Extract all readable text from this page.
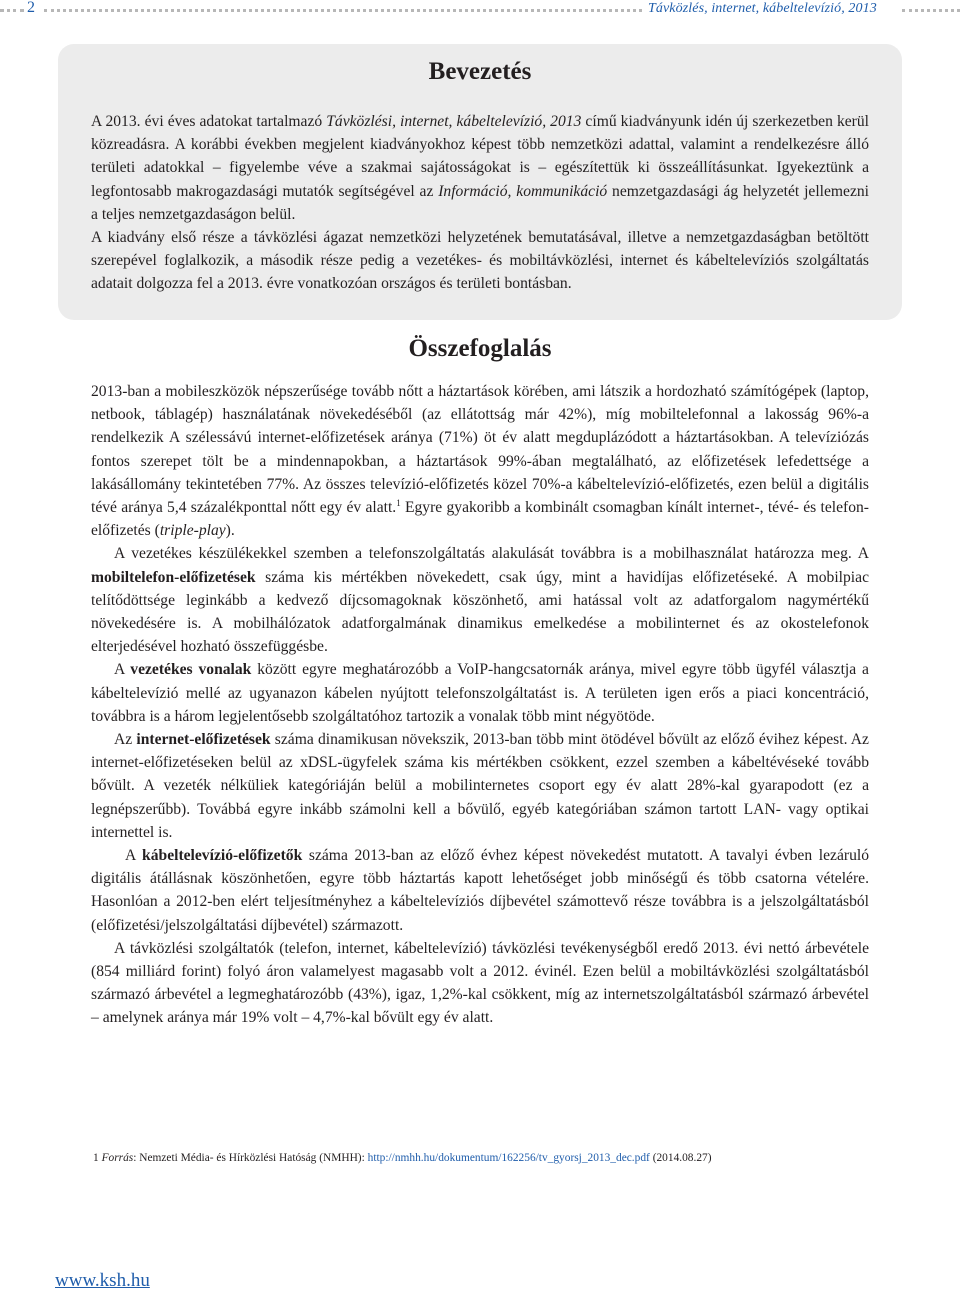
2	Távközlés, internet, kábeltelevízió, 2013
Bevezetés

A 2013. évi éves adatokat tartalmazó Távközlési, internet, kábeltelevízió, 2013 című kiadványunk idén új szerkezetben kerül közreadásra. A korábbi években megjelent kiadványokhoz képest több nemzetközi adattal, valamint a rendelkezésre álló területi adatokkal – figyelembe véve a szakmai sajátosságokat is – egészítettük ki összeállításunkat. Igyekeztünk a legfontosabb makrogazdasági mutatók segítségével az Információ, kommunikáció nemzetgazdasági ág helyzetét jellemezni a teljes nemzetgazdaságon belül.

A kiadvány első része a távközlési ágazat nemzetközi helyzetének bemutatásával, illetve a nemzetgazdaságban betöltött szerepével foglalkozik, a második része pedig a vezetékes- és mobiltávközlési, internet és kábeltelevíziós szolgáltatás adatait dolgozza fel a 2013. évre vonatkozóan országos és területi bontásban.

Összefoglalás

2013-ban a mobileszközök népszerűsége tovább nőtt a háztartások körében, ami látszik a hordozható számítógépek (laptop, netbook, táblagép) használatának növekedéséből (az ellátottság már 42%), míg mobiltelefonnal a lakosság 96%-a rendelkezik A szélessávú internet-előfizetések aránya (71%) öt év alatt megduplázódott a háztartásokban. A televíziózás fontos szerepet tölt be a mindennapokban, a háztartások 99%-ában megtalálható, az előfizetések lefedettsége a lakásállomány tekintetében 77%. Az összes televízió-előfizetés közel 70%-a kábeltelevízió-előfizetés, ezen belül a digitális tévé aránya 5,4 százalékponttal nőtt egy év alatt.$^1$ Egyre gyakoribb a kombinált csomagban kínált internet-, tévé- és telefon-előfizetés (triple-play).

A vezetékes készülékekkel szemben a telefonszolgáltatás alakulását továbbra is a mobilhasználat határozza meg. A mobiltelefon-előfizetések száma kis mértékben növekedett, csak úgy, mint a havidíjas előfizetéseké. A mobilpiac telítődöttsége leginkább a kedvező díjcsomagoknak köszönhető, ami hatással volt az adatforgalom nagymértékű növekedésére is. A mobilhálózatok adatforgalmának dinamikus emelkedése a mobilinternet és az okostelefonok elterjedésével hozható összefüggésbe.

A vezetékes vonalak között egyre meghatározóbb a VoIP-hangcsatornák aránya, mivel egyre több ügyfél választja a kábeltelevízió mellé az ugyanazon kábelen nyújtott telefonszolgáltatást is. A területen igen erős a piaci koncentráció, továbbra is a három legjelentősebb szolgáltatóhoz tartozik a vonalak több mint négyötöde.

Az internet-előfizetések száma dinamikusan növekszik, 2013-ban több mint ötödével bővült az előző évihez képest. Az internet-előfizetéseken belül az xDSL-ügyfelek száma kis mértékben csökkent, ezzel szemben a kábeltévéseké tovább bővült. A vezeték nélküliek kategóriáján belül a mobilinternetes csoport egy év alatt 28%-kal gyarapodott (ez a legnépszerűbb). Továbbá egyre inkább számolni kell a bővülő, egyéb kategóriában számon tartott LAN- vagy optikai internettel is.

A kábeltelevízió-előfizetők száma 2013-ban az előző évhez képest növekedést mutatott. A tavalyi évben lezáruló digitális átállásnak köszönhetően, egyre több háztartás kapott lehetőséget jobb minőségű és több csatorna vételére. Hasonlóan a 2012-ben elért teljesítményhez a kábeltelevíziós díjbevétel számottevő része továbbra is a jelszolgáltatásból (előfizetési/jelszolgáltatási díjbevétel) származott.

A távközlési szolgáltatók (telefon, internet, kábeltelevízió) távközlési tevékenységből eredő 2013. évi nettó árbevétele (854 milliárd forint) folyó áron valamelyest magasabb volt a 2012. évinél. Ezen belül a mobiltávközlési szolgáltatásból származó árbevétel a legmeghatározóbb (43%), igaz, 1,2%-kal csökkent, míg az internetszolgáltatásból származó árbevétel – amelynek aránya már 19% volt – 4,7%-kal bővült egy év alatt.

1 Forrás: Nemzeti Média- és Hírközlési Hatóság (NMHH): http://nmhh.hu/dokumentum/162256/tv_gyorsj_2013_dec.pdf (2014.08.27)
www.ksh.hu
